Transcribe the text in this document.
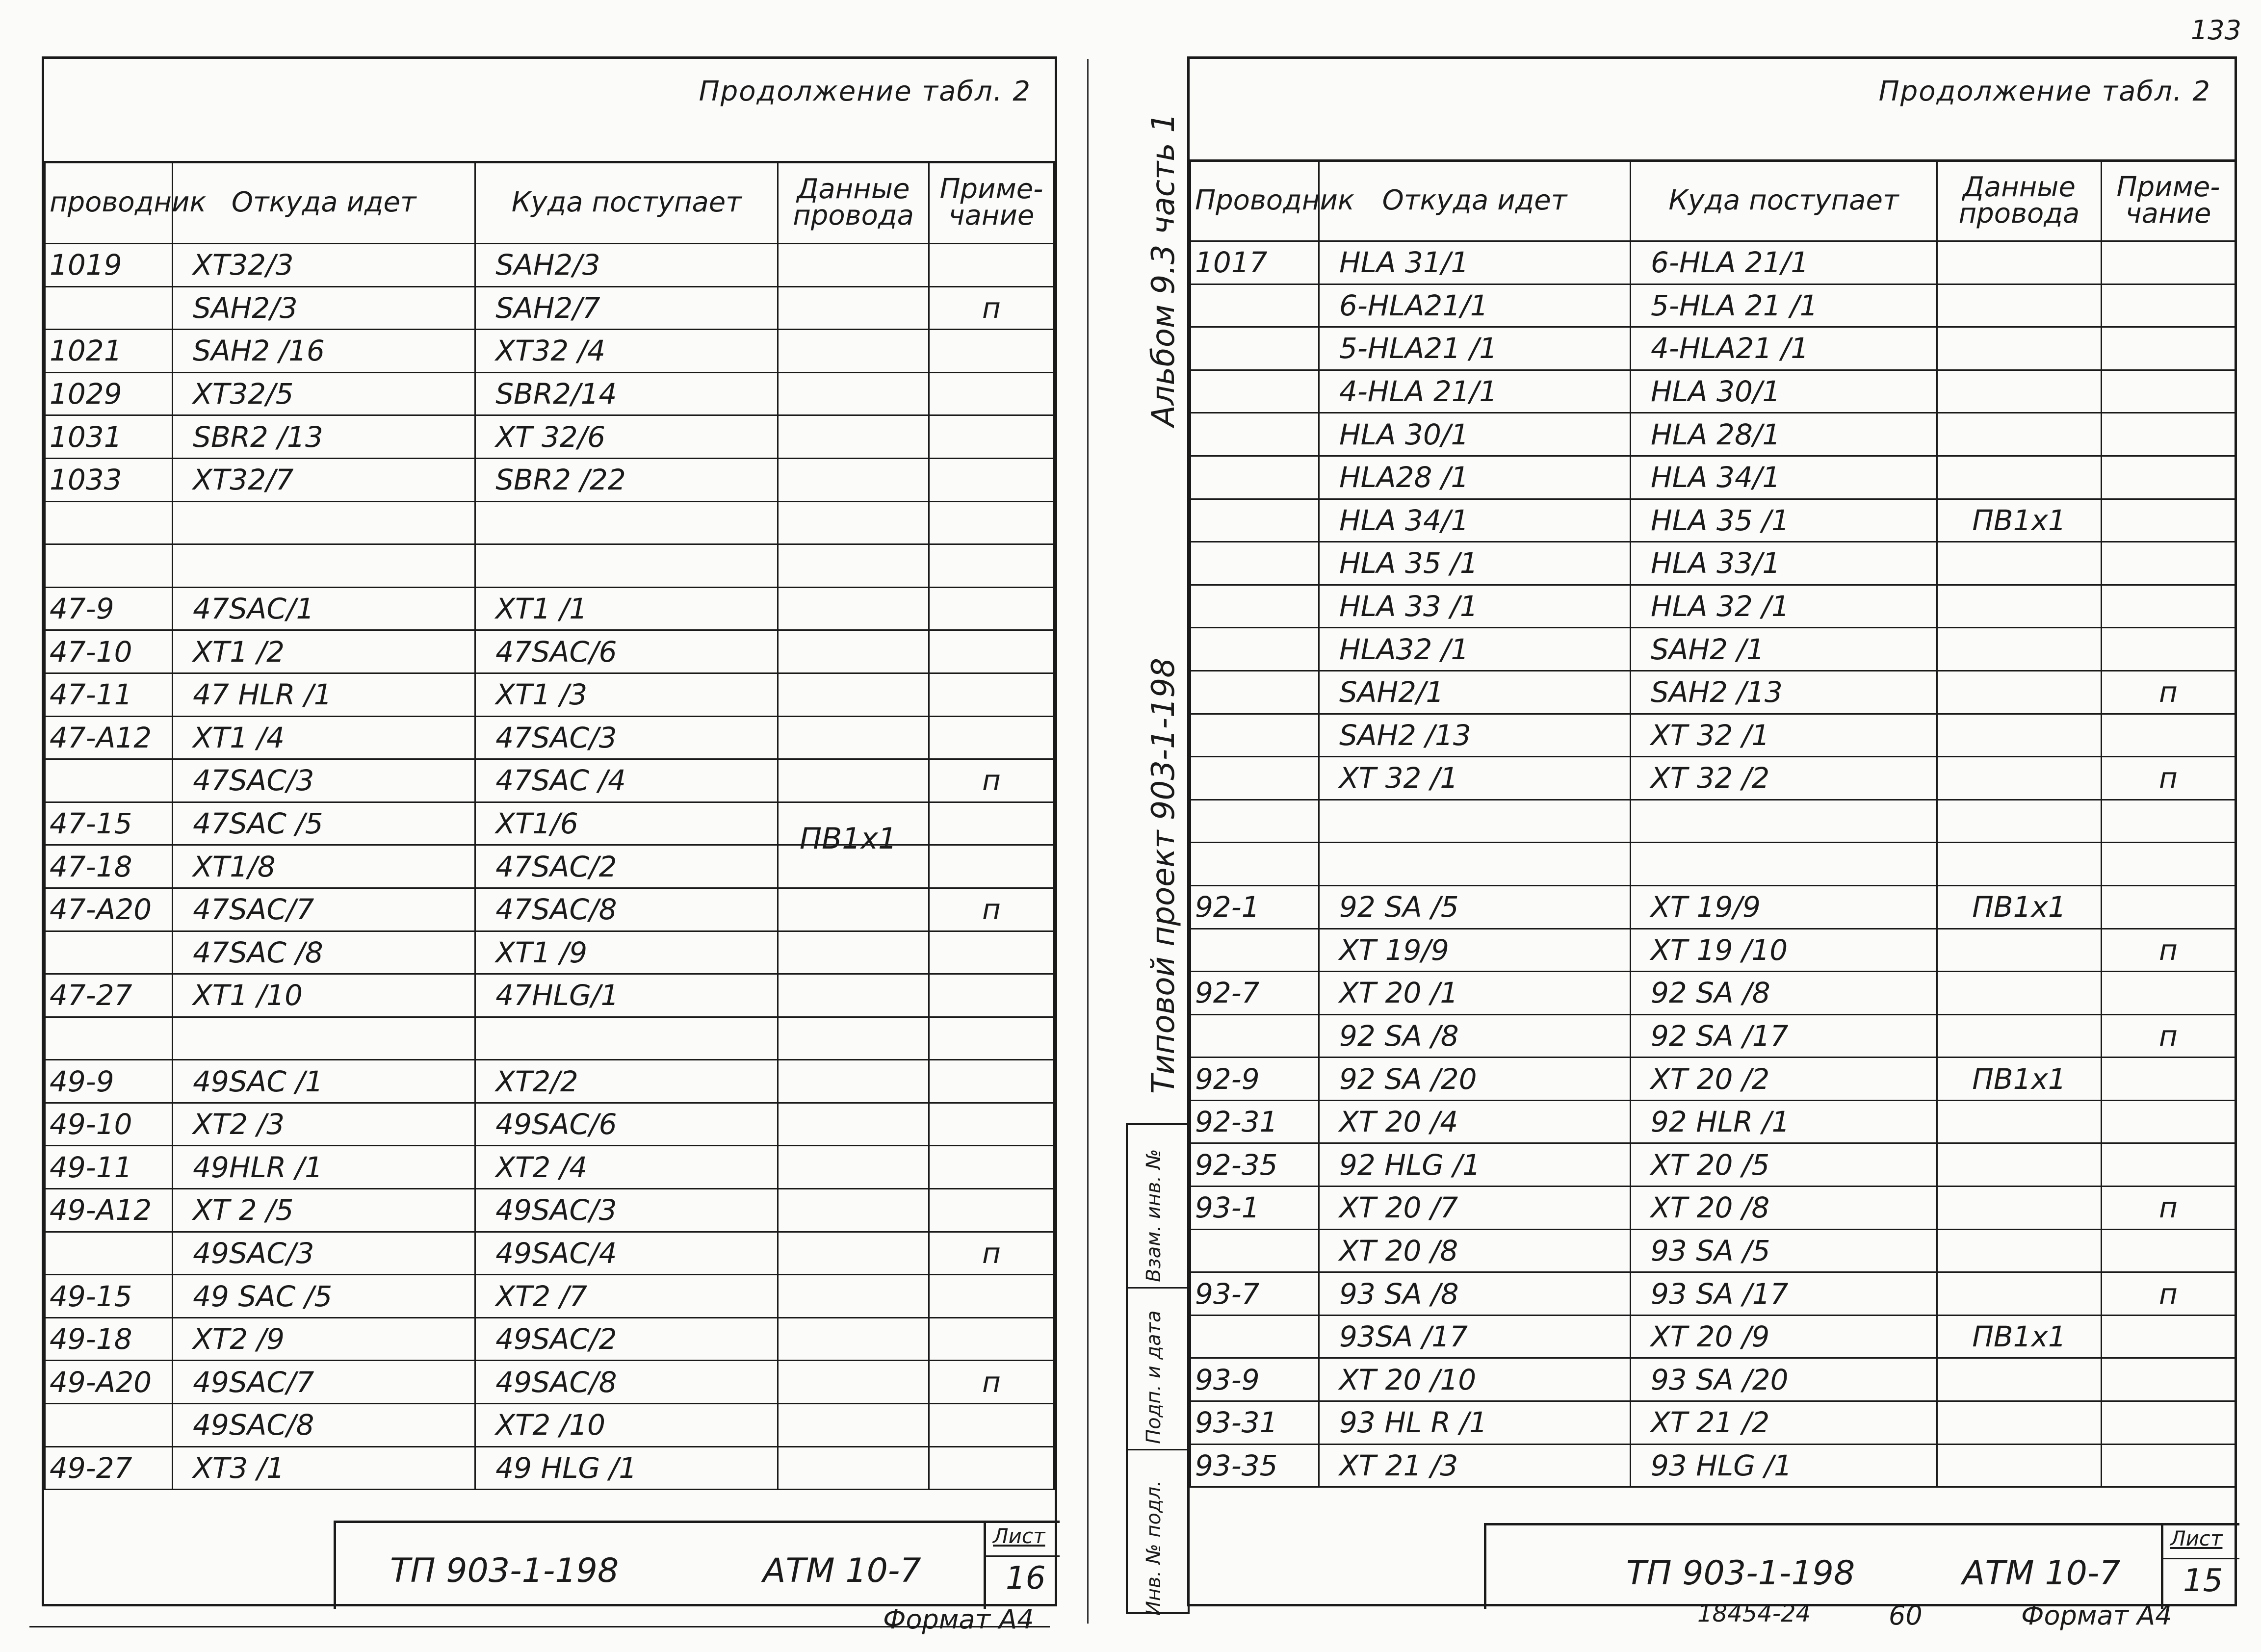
133
Продолжение табл. 2
проводник	Откуда идет	Куда поступает	Данные провода	Приме-чание
1019	XT32/3	SAH2/3		
	SAH2/3	SAH2/7		п
1021	SAH2 /16	XT32 /4		
1029	XT32/5	SBR2/14		
1031	SBR2 /13	XT 32/6		
1033	XT32/7	SBR2 /22		

47-9	47SAC/1	XT1 /1		
47-10	XT1 /2	47SAC/6		
47-11	47 HLR /1	XT1 /3		
47-A12	XT1 /4	47SAC/3		
	47SAC/3	47SAC /4		п
47-15	47SAC /5	XT1/6		
47-18	XT1/8	47SAC/2		
47-A20	47SAC/7	47SAC/8		п
	47SAC /8	XT1 /9		
47-27	XT1 /10	47HLG/1		

49-9	49SAC /1	XT2/2		
49-10	XT2 /3	49SAC/6		
49-11	49HLR /1	XT2 /4		
49-A12	XT 2 /5	49SAC/3		
	49SAC/3	49SAC/4		п
49-15	49 SAC /5	XT2 /7		
49-18	XT2 /9	49SAC/2		
49-A20	49SAC/7	49SAC/8		п
	49SAC/8	XT2 /10		
49-27	XT3 /1	49 HLG /1		
ПВ1x1
ТП 903-1-198	АТМ 10-7
Лист
16
Формат А4
Продолжение табл. 2
Проводник	Откуда идет	Куда поступает	Данные провода	Приме-чание
1017	HLA 31/1	6-HLA 21/1		
	6-HLA21/1	5-HLA 21 /1		
	5-HLA21 /1	4-HLA21 /1		
	4-HLA 21/1	HLA 30/1		
	HLA 30/1	HLA 28/1		
	HLA28 /1	HLA 34/1		
	HLA 34/1	HLA 35 /1	ПВ1x1	
	HLA 35 /1	HLA 33/1		
	HLA 33 /1	HLA 32 /1		
	HLA32 /1	SAH2 /1		
	SAH2/1	SAH2 /13		п
	SAH2 /13	XT 32 /1		
	XT 32 /1	XT 32 /2		п

92-1	92 SA /5	XT 19/9	ПВ1x1	
	XT 19/9	XT 19 /10		п
92-7	XT 20 /1	92 SA /8		
	92 SA /8	92 SA /17		п
92-9	92 SA /20	XT 20 /2	ПВ1x1	
92-31	XT 20 /4	92 HLR /1		
92-35	92 HLG /1	XT 20 /5		
93-1	XT 20 /7	XT 20 /8		п
	XT 20 /8	93 SA /5		
93-7	93 SA /8	93 SA /17		п
	93SA /17	XT 20 /9	ПВ1x1	
93-9	XT 20 /10	93 SA /20		
93-31	93 HL R /1	XT 21 /2		
93-35	XT 21 /3	93 HLG /1		
ТП 903-1-198	АТМ 10-7
Лист
15
18454-24	60	Формат А4
Альбом 9.3 часть 1
Типовой проект 903-1-198
Инв. № подл.
Подп. и дата
Взам. инв. №
